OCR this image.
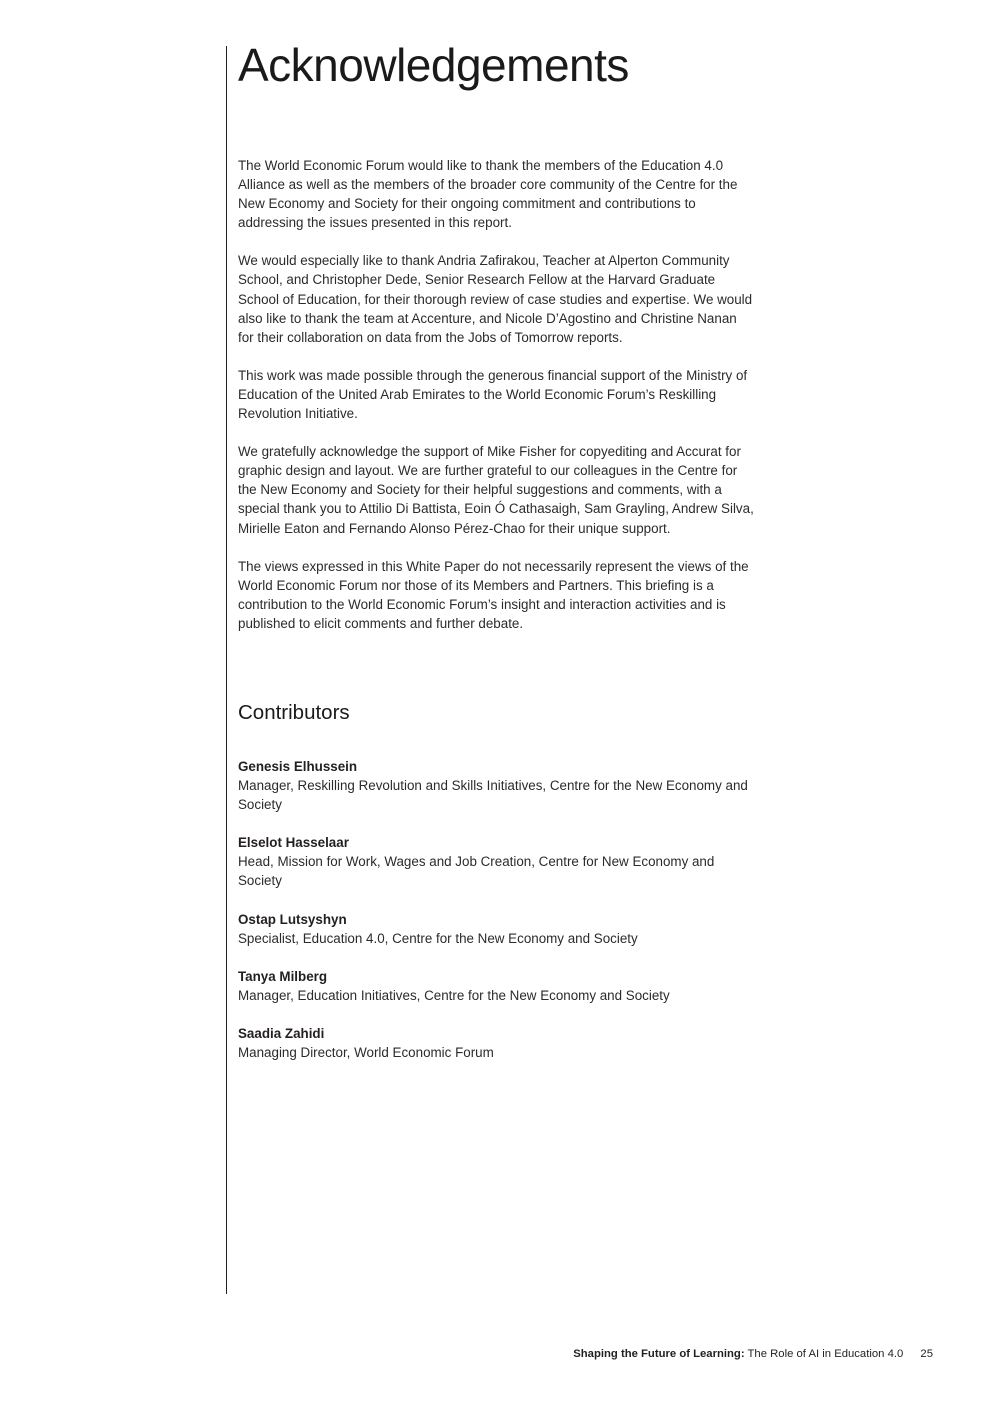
Acknowledgements

The World Economic Forum would like to thank the members of the Education 4.0 Alliance as well as the members of the broader core community of the Centre for the New Economy and Society for their ongoing commitment and contributions to addressing the issues presented in this report.

We would especially like to thank Andria Zafirakou, Teacher at Alperton Community School, and Christopher Dede, Senior Research Fellow at the Harvard Graduate School of Education, for their thorough review of case studies and expertise. We would also like to thank the team at Accenture, and Nicole D’Agostino and Christine Nanan for their collaboration on data from the Jobs of Tomorrow reports.

This work was made possible through the generous financial support of the Ministry of Education of the United Arab Emirates to the World Economic Forum’s Reskilling Revolution Initiative.

We gratefully acknowledge the support of Mike Fisher for copyediting and Accurat for graphic design and layout. We are further grateful to our colleagues in the Centre for the New Economy and Society for their helpful suggestions and comments, with a special thank you to Attilio Di Battista, Eoin Ó Cathasaigh, Sam Grayling, Andrew Silva, Mirielle Eaton and Fernando Alonso Pérez-Chao for their unique support.

The views expressed in this White Paper do not necessarily represent the views of the World Economic Forum nor those of its Members and Partners. This briefing is a contribution to the World Economic Forum’s insight and interaction activities and is published to elicit comments and further debate.

Contributors
Genesis Elhussein
Manager, Reskilling Revolution and Skills Initiatives, Centre for the New Economy and Society
Elselot Hasselaar
Head, Mission for Work, Wages and Job Creation, Centre for New Economy and Society
Ostap Lutsyshyn
Specialist, Education 4.0, Centre for the New Economy and Society
Tanya Milberg
Manager, Education Initiatives, Centre for the New Economy and Society
Saadia Zahidi
Managing Director, World Economic Forum
Shaping the Future of Learning: The Role of AI in Education 4.0 25
